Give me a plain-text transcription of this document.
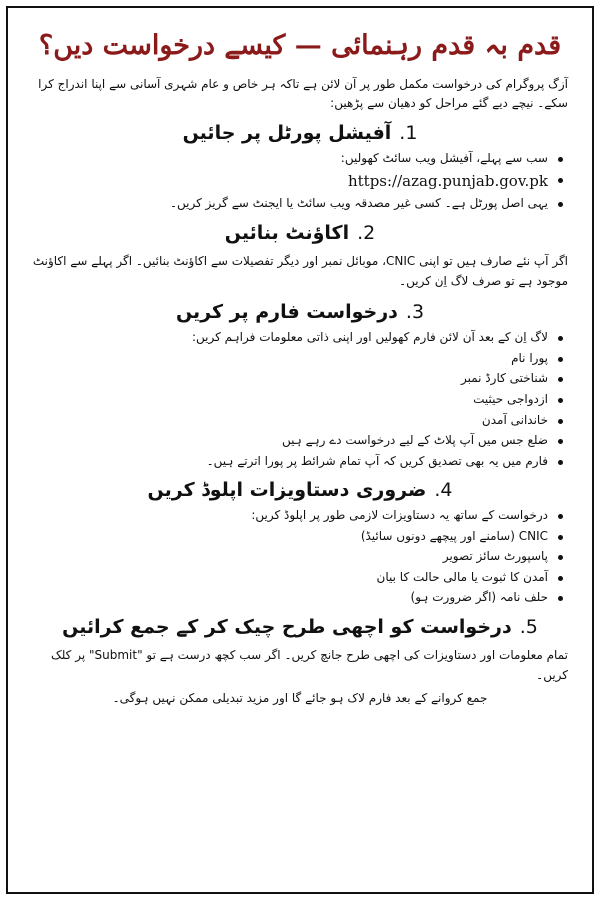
قدم بہ قدم رہنمائی — کیسے درخواست دیں؟

آزگ پروگرام کی درخواست مکمل طور پر آن لائن ہے تاکہ ہر خاص و عام شہری آسانی سے اپنا اندراج کرا سکے۔ نیچے دیے گئے مراحل کو دھیان سے پڑھیں:

.1آفیشل پورٹل پر جائیں
سب سے پہلے، آفیشل ویب سائٹ کھولیں:
https://azag.punjab.gov.pk
یہی اصل پورٹل ہے۔ کسی غیر مصدقہ ویب سائٹ یا ایجنٹ سے گریز کریں۔
.2اکاؤنٹ بنائیں

اگر آپ نئے صارف ہیں تو اپنی CNIC، موبائل نمبر اور دیگر تفصیلات سے اکاؤنٹ بنائیں۔ اگر پہلے سے اکاؤنٹ موجود ہے تو صرف لاگ اِن کریں۔

.3درخواست فارم پر کریں
لاگ اِن کے بعد آن لائن فارم کھولیں اور اپنی ذاتی معلومات فراہم کریں:
پورا نام
شناختی کارڈ نمبر
ازدواجی حیثیت
خاندانی آمدن
ضلع جس میں آپ پلاٹ کے لیے درخواست دے رہے ہیں
فارم میں یہ بھی تصدیق کریں کہ آپ تمام شرائط پر پورا اترتے ہیں۔
.4ضروری دستاویزات اپلوڈ کریں
درخواست کے ساتھ یہ دستاویزات لازمی طور پر اپلوڈ کریں:
CNIC (سامنے اور پیچھے دونوں سائیڈ)
پاسپورٹ سائز تصویر
آمدن کا ثبوت یا مالی حالت کا بیان
حلف نامہ (اگر ضرورت ہو)
.5درخواست کو اچھی طرح چیک کر کے جمع کرائیں

تمام معلومات اور دستاویزات کی اچھی طرح جانچ کریں۔ اگر سب کچھ درست ہے تو "Submit" پر کلک کریں۔

جمع کروانے کے بعد فارم لاک ہو جائے گا اور مزید تبدیلی ممکن نہیں ہوگی۔
